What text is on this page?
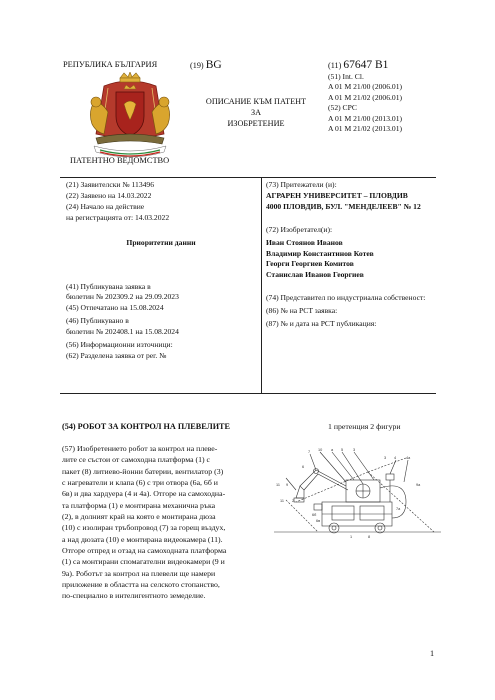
РЕПУБЛИКА БЪЛГАРИЯ
ПАТЕНТНО ВЕДОМСТВО
(19) BG
ОПИСАНИЕ КЪМ ПАТЕНТ
ЗА
ИЗОБРЕТЕНИЕ
(11) 67647 B1
(51) Int. Cl.
A 01 M 21/00 (2006.01)
A 01 M 21/02 (2006.01)
(52) CPC
A 01 M 21/00 (2013.01)
A 01 M 21/02 (2013.01)
(21) Заявителски № 113496
(22) Заявено на 14.03.2022
(24) Начало на действие
на регистрацията от: 14.03.2022
Приоритетни данни
(41) Публикувана заявка в
бюлетин № 202309.2 на 29.09.2023
(45) Отпечатано на 15.08.2024
(46) Публикувано в
бюлетин № 202408.1 на 15.08.2024
(56) Информационни източници:
(62) Разделена заявка от рег. №
(73) Притежатели (и):
АГРАРЕН УНИВЕРСИТЕТ – ПЛОВДИВ
4000 ПЛОВДИВ, БУЛ. "МЕНДЕЛЕЕВ" № 12
(72) Изобретател(и):
Иван Стоянов Иванов
Владимир Константинов Котев
Георги Георгиев Комитов
Станислав Иванов Георгиев
(74) Представител по индустриална собственост:
(86) № на PCT заявка:
(87) № и дата на PCT публикация:
(54) РОБОТ ЗА КОНТРОЛ НА ПЛЕВЕЛИТЕ	1 претенция 2 фигури
(57) Изобретението робот за контрол на плеве-
лите се състои от самоходна платформа (1) с
пакет (8) литиево-йонни батерии, вентилатор (3)
с нагреватели и клапа (6) с три отвора (6а, 6б и
6в) и два хардуера (4 и 4а). Отгоре на самоходна-
та платформа (1) е монтирана механична ръка
(2), в долният край на която е монтирана дюза
(10) с изолиран тръбопровод (7) за горещ въздух,
а над дюзата (10) е монтирана видеокамера (11).
Отгоре отпред и отзад на самоходната платформа
(1) са монтирани спомагателни видеокамери (9 и
9а). Роботът за контрол на плевели ще намери
приложение в областта на селското стопанство,
по-специално в интелигентното земеделие.
7 10 a 5	3
6
3 4	4a
11 9
2
6б
6в
9a
1	8
7а
11
1
